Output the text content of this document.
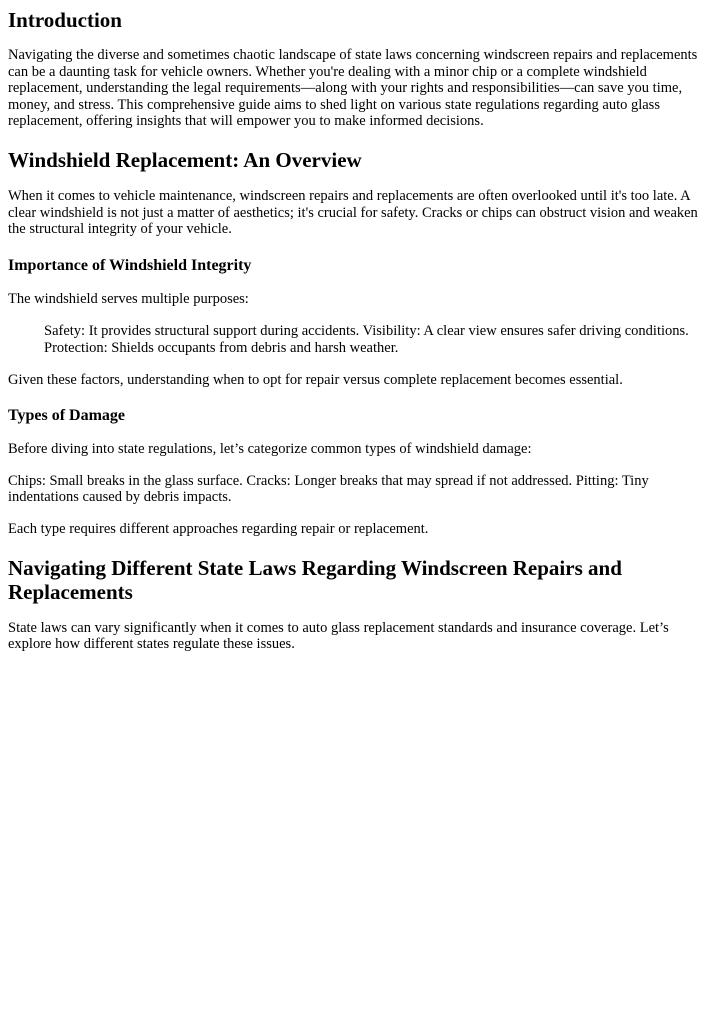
Introduction

Navigating the diverse and sometimes chaotic landscape of state laws concerning windscreen repairs and replacements can be a daunting task for vehicle owners. Whether you're dealing with a minor chip or a complete windshield replacement, understanding the legal requirements—along with your rights and responsibilities—can save you time, money, and stress. This comprehensive guide aims to shed light on various state regulations regarding auto glass replacement, offering insights that will empower you to make informed decisions.

Windshield Replacement: An Overview

When it comes to vehicle maintenance, windscreen repairs and replacements are often overlooked until it's too late. A clear windshield is not just a matter of aesthetics; it's crucial for safety. Cracks or chips can obstruct vision and weaken the structural integrity of your vehicle.

Importance of Windshield Integrity

The windshield serves multiple purposes:

Safety: It provides structural support during accidents. Visibility: A clear view ensures safer driving conditions. Protection: Shields occupants from debris and harsh weather.

Given these factors, understanding when to opt for repair versus complete replacement becomes essential.

Types of Damage

Before diving into state regulations, let’s categorize common types of windshield damage:

Chips: Small breaks in the glass surface. Cracks: Longer breaks that may spread if not addressed. Pitting: Tiny indentations caused by debris impacts.

Each type requires different approaches regarding repair or replacement.

Navigating Different State Laws Regarding Windscreen Repairs and Replacements

State laws can vary significantly when it comes to auto glass replacement standards and insurance coverage. Let’s explore how different states regulate these issues.
